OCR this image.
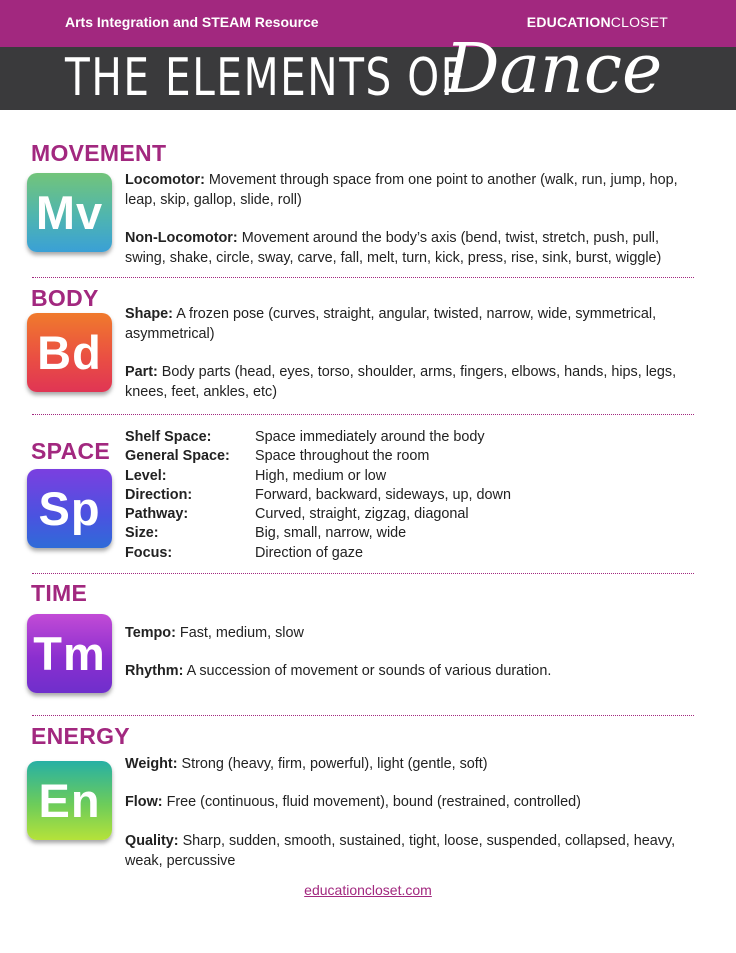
Arts Integration and STEAM Resource	EDUCATIONCLOSET
THE ELEMENTS OF
Dance
MOVEMENT
Mv
Locomotor: Movement through space from one point to another (walk, run, jump, hop, leap, skip, gallop, slide, roll)
Non-Locomotor: Movement around the body’s axis (bend, twist, stretch, push, pull, swing, shake, circle, sway, carve, fall, melt, turn, kick, press, rise, sink, burst, wiggle)
BODY
Bd
Shape: A frozen pose (curves, straight, angular, twisted, narrow, wide, symmetrical, asymmetrical)
Part: Body parts (head, eyes, torso, shoulder, arms, fingers, elbows, hands, hips, legs, knees, feet, ankles, etc)
SPACE
Sp
Shelf Space:	Space immediately around the body
General Space: Space throughout the room
Level:	High, medium or low
Direction:	Forward, backward, sideways, up, down
Pathway:	Curved, straight, zigzag, diagonal
Size:	Big, small, narrow, wide
Focus:	Direction of gaze
TIME
Tm	Tempo: Fast, medium, slow
Rhythm: A succession of movement or sounds of various duration.
ENERGY
En
Weight: Strong (heavy, firm, powerful), light (gentle, soft)
Flow: Free (continuous, fluid movement), bound (restrained, controlled)
Quality: Sharp, sudden, smooth, sustained, tight, loose, suspended, collapsed, heavy, weak, percussive
educationcloset.com
